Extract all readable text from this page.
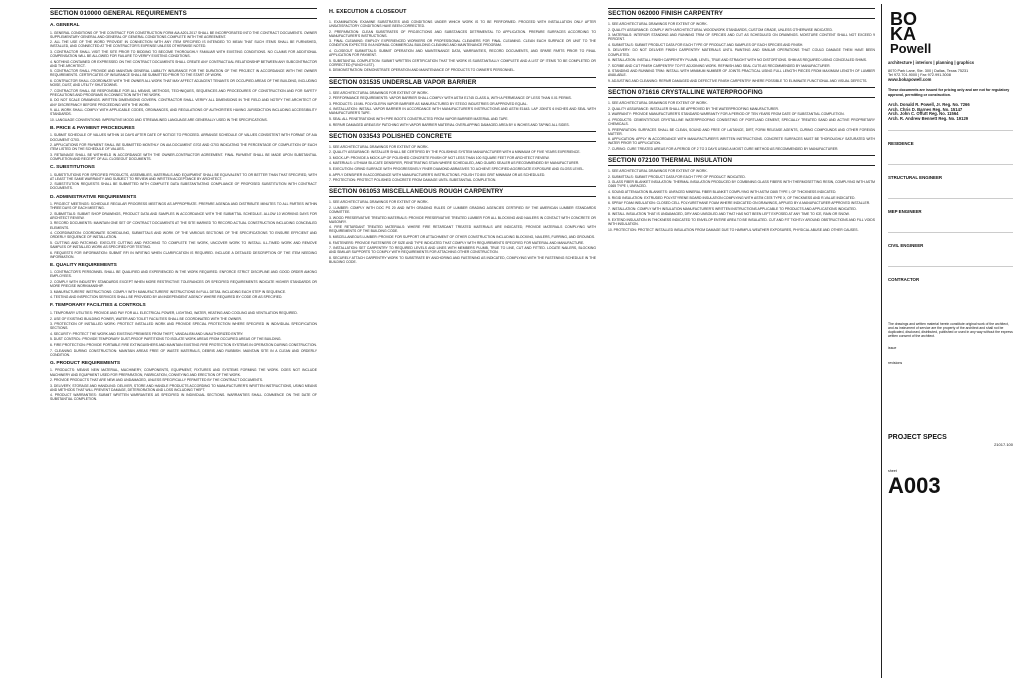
SECTION 010000 GENERAL REQUIREMENTS
A. GENERAL
1. GENERAL CONDITIONS OF THE CONTRACT FOR CONSTRUCTION FORM AIA A201-2017 SHALL BE INCORPORATED INTO THE CONTRACT DOCUMENTS. OWNER SUPPLEMENTARY GENERAL AND GENERAL OF GENERAL CONDITIONS COMPLETE WITH THE AGREEMENT.
2. ALL THE USE OF THE WORD 'PROVIDE' IN CONNECTION WITH ANY ITEM SPECIFIED IS INTENDED TO MEAN THAT SUCH ITEMS SHALL BE FURNISHED, INSTALLED, AND CONNECTED AT THE CONTRACTOR'S EXPENSE UNLESS OTHERWISE NOTED.
3. CONTRACTOR SHALL VISIT THE SITE PRIOR TO BIDDING TO BECOME THOROUGHLY FAMILIAR WITH EXISTING CONDITIONS. NO CLAIMS FOR ADDITIONAL COMPENSATION WILL BE ALLOWED FOR FAILURE TO VERIFY EXISTING CONDITIONS.
4. NOTHING CONTAINED OR EXPRESSED ON THE CONTRACT DOCUMENTS SHALL CREATE ANY CONTRACTUAL RELATIONSHIP BETWEEN ANY SUBCONTRACTOR AND THE ARCHITECT.
5. CONTRACTOR SHALL PROVIDE AND MAINTAIN GENERAL LIABILITY INSURANCE FOR THE DURATION OF THE PROJECT IN ACCORDANCE WITH THE OWNER REQUIREMENTS. CERTIFICATES OF INSURANCE SHALL BE SUBMITTED PRIOR TO THE START OF WORK.
6. CONTRACTOR SHALL COORDINATE WITH THE OWNER ALL WORK THAT MAY AFFECT ADJACENT TENANTS OR OCCUPIED AREAS OF THE BUILDING, INCLUDING NOISE, DUST, AND UTILITY SHUTDOWNS.
7. CONTRACTOR SHALL BE RESPONSIBLE FOR ALL MEANS, METHODS, TECHNIQUES, SEQUENCES AND PROCEDURES OF CONSTRUCTION AND FOR SAFETY PRECAUTIONS AND PROGRAMS IN CONNECTION WITH THE WORK.
8. DO NOT SCALE DRAWINGS. WRITTEN DIMENSIONS GOVERN. CONTRACTOR SHALL VERIFY ALL DIMENSIONS IN THE FIELD AND NOTIFY THE ARCHITECT OF ANY DISCREPANCY BEFORE PROCEEDING WITH THE WORK.
9. ALL WORK SHALL COMPLY WITH APPLICABLE CODES, ORDINANCES, AND REGULATIONS OF AUTHORITIES HAVING JURISDICTION INCLUDING ACCESSIBILITY STANDARDS.
10. LANGUAGE CONVENTIONS: IMPERATIVE MOOD AND STREAMLINED LANGUAGE ARE GENERALLY USED IN THE SPECIFICATIONS.
B. PRICE & PAYMENT PROCEDURES
1. SUBMIT SCHEDULE OF VALUES WITHIN 10 DAYS AFTER DATE OF NOTICE TO PROCEED. ARRANGE SCHEDULE OF VALUES CONSISTENT WITH FORMAT OF AIA DOCUMENT G703.
2. APPLICATIONS FOR PAYMENT SHALL BE SUBMITTED MONTHLY ON AIA DOCUMENT G702 AND G703 INDICATING THE PERCENTAGE OF COMPLETION OF EACH ITEM LISTED ON THE SCHEDULE OF VALUES.
3. RETAINAGE SHALL BE WITHHELD IN ACCORDANCE WITH THE OWNER-CONTRACTOR AGREEMENT. FINAL PAYMENT SHALL BE MADE UPON SUBSTANTIAL COMPLETION AND RECEIPT OF ALL CLOSEOUT DOCUMENTS.
C. SUBSTITUTIONS
1. SUBSTITUTIONS FOR SPECIFIED PRODUCTS, ASSEMBLIES, MATERIALS AND EQUIPMENT SHALL BE EQUIVALENT TO OR BETTER THAN THAT SPECIFIED, WITH AT LEAST THE SAME WARRANTY AND SUBJECT TO REVIEW AND WRITTEN ACCEPTANCE BY ARCHITECT.
2. SUBSTITUTION REQUESTS SHALL BE SUBMITTED WITH COMPLETE DATA SUBSTANTIATING COMPLIANCE OF PROPOSED SUBSTITUTION WITH CONTRACT DOCUMENTS.
D. ADMINISTRATIVE REQUIREMENTS
1. PROJECT MEETINGS: SCHEDULE REGULAR PROGRESS MEETINGS AS APPROPRIATE. PREPARE AGENDA AND DISTRIBUTE MINUTES TO ALL PARTIES WITHIN THREE DAYS OF EACH MEETING.
2. SUBMITTALS: SUBMIT SHOP DRAWINGS, PRODUCT DATA AND SAMPLES IN ACCORDANCE WITH THE SUBMITTAL SCHEDULE. ALLOW 10 WORKING DAYS FOR ARCHITECT REVIEW.
3. RECORD DOCUMENTS: MAINTAIN ONE SET OF CONTRACT DOCUMENTS AT THE SITE MARKED TO RECORD ACTUAL CONSTRUCTION INCLUDING CONCEALED ELEMENTS.
4. COORDINATION: COORDINATE SCHEDULING, SUBMITTALS AND WORK OF THE VARIOUS SECTIONS OF THE SPECIFICATIONS TO ENSURE EFFICIENT AND ORDERLY SEQUENCE OF INSTALLATION.
5. CUTTING AND PATCHING: EXECUTE CUTTING AND PATCHING TO COMPLETE THE WORK, UNCOVER WORK TO INSTALL ILL-TIMED WORK AND REMOVE SAMPLES OF INSTALLED WORK AS SPECIFIED FOR TESTING.
6. REQUESTS FOR INFORMATION: SUBMIT RFI IN WRITING WHEN CLARIFICATION IS REQUIRED. INCLUDE A DETAILED DESCRIPTION OF THE ITEM NEEDING INFORMATION.
E. QUALITY REQUIREMENTS
1. CONTRACTOR'S PERSONNEL SHALL BE QUALIFIED AND EXPERIENCED IN THE WORK REQUIRED. ENFORCE STRICT DISCIPLINE AND GOOD ORDER AMONG EMPLOYEES.
2. COMPLY WITH INDUSTRY STANDARDS EXCEPT WHEN MORE RESTRICTIVE TOLERANCES OR SPECIFIED REQUIREMENTS INDICATE HIGHER STANDARDS OR MORE PRECISE WORKMANSHIP.
3. MANUFACTURERS' INSTRUCTIONS: COMPLY WITH MANUFACTURERS' INSTRUCTIONS IN FULL DETAIL INCLUDING EACH STEP IN SEQUENCE.
4. TESTING AND INSPECTION SERVICES SHALL BE PROVIDED BY AN INDEPENDENT AGENCY WHERE REQUIRED BY CODE OR AS SPECIFIED.
F. TEMPORARY FACILITIES & CONTROLS
1. TEMPORARY UTILITIES: PROVIDE AND PAY FOR ALL ELECTRICAL POWER, LIGHTING, WATER, HEATING AND COOLING AND VENTILATION REQUIRED.
2. USE OF EXISTING BUILDING POWER, WATER AND TOILET FACILITIES SHALL BE COORDINATED WITH THE OWNER.
3. PROTECTION OF INSTALLED WORK: PROTECT INSTALLED WORK AND PROVIDE SPECIAL PROTECTION WHERE SPECIFIED IN INDIVIDUAL SPECIFICATION SECTIONS.
4. SECURITY: PROTECT THE WORK AND EXISTING PREMISES FROM THEFT, VANDALISM AND UNAUTHORIZED ENTRY.
5. DUST CONTROL: PROVIDE TEMPORARY DUST-PROOF PARTITIONS TO ISOLATE WORK AREAS FROM OCCUPIED AREAS OF THE BUILDING.
6. FIRE PROTECTION: PROVIDE PORTABLE FIRE EXTINGUISHERS AND MAINTAIN EXISTING FIRE PROTECTION SYSTEMS IN OPERATION DURING CONSTRUCTION.
7. CLEANING DURING CONSTRUCTION: MAINTAIN AREAS FREE OF WASTE MATERIALS, DEBRIS AND RUBBISH. MAINTAIN SITE IN A CLEAN AND ORDERLY CONDITION.
G. PRODUCT REQUIREMENTS
1. PRODUCTS: MEANS NEW MATERIAL, MACHINERY, COMPONENTS, EQUIPMENT, FIXTURES AND SYSTEMS FORMING THE WORK. DOES NOT INCLUDE MACHINERY AND EQUIPMENT USED FOR PREPARATION, FABRICATION, CONVEYING AND ERECTION OF THE WORK.
2. PROVIDE PRODUCTS THAT ARE NEW AND UNDAMAGED, UNLESS SPECIFICALLY PERMITTED BY THE CONTRACT DOCUMENTS.
3. DELIVERY, STORAGE AND HANDLING: DELIVER, STORE AND HANDLE PRODUCTS ACCORDING TO MANUFACTURER'S WRITTEN INSTRUCTIONS, USING MEANS AND METHODS THAT WILL PREVENT DAMAGE, DETERIORATION AND LOSS INCLUDING THEFT.
4. PRODUCT WARRANTIES: SUBMIT WRITTEN WARRANTIES AS SPECIFIED IN INDIVIDUAL SECTIONS. WARRANTIES SHALL COMMENCE ON THE DATE OF SUBSTANTIAL COMPLETION.
H. EXECUTION & CLOSEOUT
1. EXAMINATION: EXAMINE SUBSTRATES AND CONDITIONS UNDER WHICH WORK IS TO BE PERFORMED. PROCEED WITH INSTALLATION ONLY AFTER UNSATISFACTORY CONDITIONS HAVE BEEN CORRECTED.
2. PREPARATION: CLEAN SUBSTRATES OF PROJECTIONS AND SUBSTANCES DETRIMENTAL TO APPLICATION. PREPARE SURFACES ACCORDING TO MANUFACTURER'S INSTRUCTIONS.
3. FINAL CLEANING: EMPLOY EXPERIENCED WORKERS OR PROFESSIONAL CLEANERS FOR FINAL CLEANING. CLEAN EACH SURFACE OR UNIT TO THE CONDITION EXPECTED IN A NORMAL COMMERCIAL BUILDING CLEANING AND MAINTENANCE PROGRAM.
4. CLOSEOUT SUBMITTALS: SUBMIT OPERATION AND MAINTENANCE DATA, WARRANTIES, RECORD DOCUMENTS, AND SPARE PARTS PRIOR TO FINAL APPLICATION FOR PAYMENT.
5. SUBSTANTIAL COMPLETION: SUBMIT WRITTEN CERTIFICATION THAT THE WORK IS SUBSTANTIALLY COMPLETE AND A LIST OF ITEMS TO BE COMPLETED OR CORRECTED (PUNCH LIST).
6. DEMONSTRATION: DEMONSTRATE OPERATION AND MAINTENANCE OF PRODUCTS TO OWNER'S PERSONNEL.
SECTION 031535 UNDERSLAB VAPOR BARRIER
1. SEE ARCHITECTURAL DRAWINGS FOR EXTENT OF WORK.
2. PERFORMANCE REQUIREMENTS: VAPOR BARRIER SHALL COMPLY WITH ASTM E1745 CLASS A, WITH A PERMEANCE OF LESS THAN 0.01 PERMS.
3. PRODUCTS: 15 MIL POLYOLEFIN VAPOR BARRIER AS MANUFACTURED BY STEGO INDUSTRIES OR APPROVED EQUAL.
4. INSTALLATION: INSTALL VAPOR BARRIER IN ACCORDANCE WITH MANUFACTURER'S INSTRUCTIONS AND ASTM E1643. LAP JOINTS 6 INCHES AND SEAL WITH MANUFACTURER'S TAPE.
5. SEAL ALL PENETRATIONS WITH PIPE BOOTS CONSTRUCTED FROM VAPOR BARRIER MATERIAL AND TAPE.
6. REPAIR DAMAGED AREAS BY PATCHING WITH VAPOR BARRIER MATERIAL OVERLAPPING DAMAGED AREA BY 6 INCHES AND TAPING ALL SIDES.
SECTION 033543 POLISHED CONCRETE
1. SEE ARCHITECTURAL DRAWINGS FOR EXTENT OF WORK.
2. QUALITY ASSURANCE: INSTALLER SHALL BE CERTIFIED BY THE POLISHING SYSTEM MANUFACTURER WITH A MINIMUM OF FIVE YEARS EXPERIENCE.
3. MOCK-UP: PROVIDE A MOCK-UP OF POLISHED CONCRETE FINISH OF NOT LESS THAN 100 SQUARE FEET FOR ARCHITECT REVIEW.
4. MATERIALS: LITHIUM SILICATE DENSIFIER, PENETRATING STAIN WHERE SCHEDULED, AND GUARD SEALER AS RECOMMENDED BY MANUFACTURER.
5. EXECUTION: GRIND SURFACE WITH PROGRESSIVELY FINER DIAMOND ABRASIVES TO ACHIEVE SPECIFIED AGGREGATE EXPOSURE AND GLOSS LEVEL.
6. APPLY DENSIFIER IN ACCORDANCE WITH MANUFACTURER'S INSTRUCTIONS. POLISH TO 800 GRIT MINIMUM OR AS SCHEDULED.
7. PROTECTION: PROTECT POLISHED CONCRETE FROM DAMAGE UNTIL SUBSTANTIAL COMPLETION.
SECTION 061053 MISCELLANEOUS ROUGH CARPENTRY
1. SEE ARCHITECTURAL DRAWINGS FOR EXTENT OF WORK.
2. LUMBER: COMPLY WITH DOC PS 20 AND WITH GRADING RULES OF LUMBER GRADING AGENCIES CERTIFIED BY THE AMERICAN LUMBER STANDARDS COMMITTEE.
3. WOOD PRESERVATIVE TREATED MATERIALS: PROVIDE PRESERVATIVE TREATED LUMBER FOR ALL BLOCKING AND NAILERS IN CONTACT WITH CONCRETE OR MASONRY.
4. FIRE RETARDANT TREATED MATERIALS: WHERE FIRE RETARDANT TREATED MATERIALS ARE INDICATED, PROVIDE MATERIALS COMPLYING WITH REQUIREMENTS OF THE BUILDING CODE.
5. MISCELLANEOUS LUMBER: PROVIDE FOR SUPPORT OR ATTACHMENT OF OTHER CONSTRUCTION INCLUDING BLOCKING, NAILERS, FURRING, AND GROUNDS.
6. FASTENERS: PROVIDE FASTENERS OF SIZE AND TYPE INDICATED THAT COMPLY WITH REQUIREMENTS SPECIFIED FOR MATERIAL AND MANUFACTURE.
7. INSTALLATION: SET CARPENTRY TO REQUIRED LEVELS AND LINES WITH MEMBERS PLUMB, TRUE TO LINE, CUT AND FITTED. LOCATE NAILERS, BLOCKING AND SIMILAR SUPPORTS TO COMPLY WITH REQUIREMENTS FOR ATTACHING OTHER CONSTRUCTION.
8. SECURELY ATTACH CARPENTRY WORK TO SUBSTRATE BY ANCHORING AND FASTENING AS INDICATED, COMPLYING WITH THE FASTENING SCHEDULE IN THE BUILDING CODE.
SECTION 062000 FINISH CARPENTRY
1. SEE ARCHITECTURAL DRAWINGS FOR EXTENT OF WORK.
2. QUALITY ASSURANCE: COMPLY WITH ARCHITECTURAL WOODWORK STANDARDS, CUSTOM GRADE, UNLESS OTHERWISE INDICATED.
3. MATERIALS: INTERIOR STANDING AND RUNNING TRIM OF SPECIES AND CUT AS SCHEDULED ON DRAWINGS. MOISTURE CONTENT SHALL NOT EXCEED 9 PERCENT.
4. SUBMITTALS: SUBMIT PRODUCT DATA FOR EACH TYPE OF PRODUCT AND SAMPLES OF EACH SPECIES AND FINISH.
5. DELIVERY: DO NOT DELIVER FINISH CARPENTRY MATERIALS UNTIL PAINTING AND SIMILAR OPERATIONS THAT COULD DAMAGE THEM HAVE BEEN COMPLETED.
6. INSTALLATION: INSTALL FINISH CARPENTRY PLUMB, LEVEL, TRUE AND STRAIGHT WITH NO DISTORTIONS. SHIM AS REQUIRED USING CONCEALED SHIMS.
7. SCRIBE AND CUT FINISH CARPENTRY TO FIT ADJOINING WORK. REFINISH AND SEAL CUTS AS RECOMMENDED BY MANUFACTURER.
8. STANDING AND RUNNING TRIM: INSTALL WITH MINIMUM NUMBER OF JOINTS PRACTICAL USING FULL LENGTH PIECES FROM MAXIMUM LENGTH OF LUMBER AVAILABLE.
9. ADJUSTING AND CLEANING: REPAIR DAMAGED AND DEFECTIVE FINISH CARPENTRY WHERE POSSIBLE TO ELIMINATE FUNCTIONAL AND VISUAL DEFECTS.
SECTION 071616 CRYSTALLINE WATERPROOFING
1. SEE ARCHITECTURAL DRAWINGS FOR EXTENT OF WORK.
2. QUALITY ASSURANCE: INSTALLER SHALL BE APPROVED BY THE WATERPROOFING MANUFACTURER.
3. WARRANTY: PROVIDE MANUFACTURER'S STANDARD WARRANTY FOR A PERIOD OF TEN YEARS FROM DATE OF SUBSTANTIAL COMPLETION.
4. PRODUCTS: CEMENTITIOUS CRYSTALLINE WATERPROOFING CONSISTING OF PORTLAND CEMENT, SPECIALLY TREATED SAND AND ACTIVE PROPRIETARY CHEMICALS.
5. PREPARATION: SURFACES SHALL BE CLEAN, SOUND AND FREE OF LAITANCE, DIRT, FORM RELEASE AGENTS, CURING COMPOUNDS AND OTHER FOREIGN MATTER.
6. APPLICATION: APPLY IN ACCORDANCE WITH MANUFACTURER'S WRITTEN INSTRUCTIONS. CONCRETE SURFACES MUST BE THOROUGHLY SATURATED WITH WATER PRIOR TO APPLICATION.
7. CURING: CURE TREATED AREAS FOR A PERIOD OF 2 TO 3 DAYS USING A MOIST CURE METHOD AS RECOMMENDED BY MANUFACTURER.
SECTION 072100 THERMAL INSULATION
1. SEE ARCHITECTURAL DRAWINGS FOR EXTENT OF WORK.
2. SUBMITTALS: SUBMIT PRODUCT DATA FOR EACH TYPE OF PRODUCT INDICATED.
3. GLASS FIBER BLANKET INSULATION: THERMAL INSULATION PRODUCED BY COMBINING GLASS FIBERS WITH THERMOSETTING RESIN, COMPLYING WITH ASTM C665 TYPE I, UNFACED.
4. SOUND ATTENUATION BLANKETS: UNFACED MINERAL FIBER BLANKET COMPLYING WITH ASTM C665 TYPE I, OF THICKNESS INDICATED.
5. RIGID INSULATION: EXTRUDED POLYSTYRENE BOARD INSULATION COMPLYING WITH ASTM C578 TYPE X, OF THICKNESS AND R-VALUE INDICATED.
6. SPRAY FOAM INSULATION: CLOSED CELL POLYURETHANE FOAM WHERE INDICATED ON DRAWINGS, APPLIED BY A MANUFACTURER APPROVED INSTALLER.
7. INSTALLATION: COMPLY WITH INSULATION MANUFACTURER'S WRITTEN INSTRUCTIONS APPLICABLE TO PRODUCTS AND APPLICATIONS INDICATED.
8. INSTALL INSULATION THAT IS UNDAMAGED, DRY AND UNSOILED AND THAT HAS NOT BEEN LEFT EXPOSED AT ANY TIME TO ICE, RAIN OR SNOW.
9. EXTEND INSULATION IN THICKNESS INDICATED TO ENVELOP ENTIRE AREA TO BE INSULATED. CUT AND FIT TIGHTLY AROUND OBSTRUCTIONS AND FILL VOIDS WITH INSULATION.
10. PROTECTION: PROTECT INSTALLED INSULATION FROM DAMAGE DUE TO HARMFUL WEATHER EXPOSURES, PHYSICAL ABUSE AND OTHER CAUSES.
BO
KA
Powell
architecture | interiors | planning | graphics
8070 Park Lane, Ste. 300 | Dallas, Texas 75231
Tel 972.701.9000 | Fax 972.991.3008
www.bokapowell.com
These documents are issued for pricing only and are not for regulatory approval, permitting or construction.
Arch. Donald R. Powell, Jr. Reg. No. 7266
Arch. Chris D. Barnes Reg. No. 15147
Arch. John C. Offutt Reg. No. 11564
Arch. R. Andrew Bennett Reg. No. 19129
RESIDENCE
STRUCTURAL ENGINEER
MEP ENGINEER
CIVIL ENGINEER
CONTRACTOR
The drawings and written material herein constitute original work of the architect, and as instrument of service are the property of the architect and shall not be duplicated, disclosed, distributed, published or used in any way without the express written consent of the architect.
issue
revisions
PROJECT SPECS
21017.100
sheet
A003
